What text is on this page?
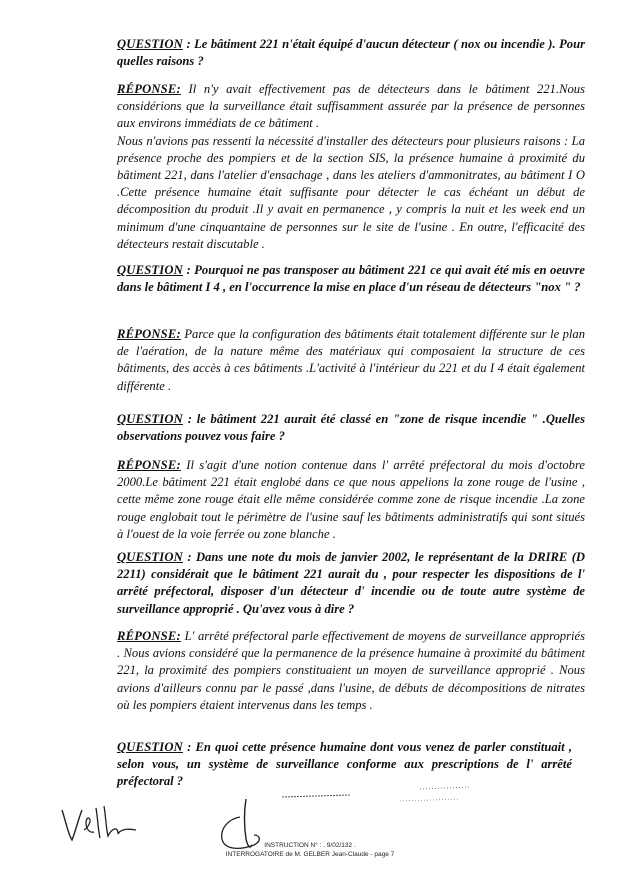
QUESTION : Le bâtiment 221 n'était équipé d'aucun détecteur ( nox ou incendie ). Pour quelles raisons ?
RÉPONSE: Il n'y avait effectivement pas de détecteurs dans le bâtiment 221.Nous considérions que la surveillance était suffisamment assurée par la présence de personnes aux environs immédiats de ce bâtiment .
Nous n'avions pas ressenti la nécessité d'installer des détecteurs pour plusieurs raisons : La présence proche des pompiers et de la section SIS, la présence humaine à proximité du bâtiment 221, dans l'atelier d'ensachage , dans les ateliers d'ammonitrates, au bâtiment I O .Cette présence humaine était suffisante pour détecter le cas échéant un début de décomposition du produit .Il y avait en permanence , y compris la nuit et les week end un minimum d'une cinquantaine de personnes sur le site de l'usine . En outre, l'efficacité des détecteurs restait discutable .
QUESTION : Pourquoi ne pas transposer au bâtiment 221 ce qui avait été mis en oeuvre dans le bâtiment I 4 , en l'occurrence la mise en place d'un réseau de détecteurs "nox " ?
RÉPONSE: Parce que la configuration des bâtiments était totalement différente sur le plan de l'aération, de la nature même des matériaux qui composaient la structure de ces bâtiments, des accès à ces bâtiments .L'activité à l'intérieur du 221 et du I 4 était également différente .
QUESTION : le bâtiment 221 aurait été classé en "zone de risque incendie " .Quelles observations pouvez vous faire ?
RÉPONSE: Il s'agit d'une notion contenue dans l' arrêté préfectoral du mois d'octobre 2000.Le bâtiment 221 était englobé dans ce que nous appelions la zone rouge de l'usine , cette même zone rouge était elle même considérée comme zone de risque incendie .La zone rouge englobait tout le périmètre de l'usine sauf les bâtiments administratifs qui sont situés à l'ouest de la voie ferrée ou zone blanche .
QUESTION : Dans une note du mois de janvier 2002, le représentant de la DRIRE (D 2211) considérait que le bâtiment 221 aurait du , pour respecter les dispositions de l' arrêté préfectoral, disposer d'un détecteur d' incendie ou de toute autre système de surveillance approprié . Qu'avez vous à dire ?
RÉPONSE: L' arrêté préfectoral parle effectivement de moyens de surveillance appropriés . Nous avions considéré que la permanence de la présence humaine à proximité du bâtiment 221, la proximité des pompiers constituaient un moyen de surveillance approprié . Nous avions d'ailleurs connu par le passé ,dans l'usine, de débuts de décompositions de nitrates où les pompiers étaient intervenus dans les temps .
QUESTION : En quoi cette présence humaine dont vous venez de parler constituait , selon vous, un système de surveillance conforme aux prescriptions de l' arrêté préfectoral ?
INSTRUCTION N° : . 9/02/132 .
INTERROGATOIRE de M. GELBER Jean-Claude - page 7
